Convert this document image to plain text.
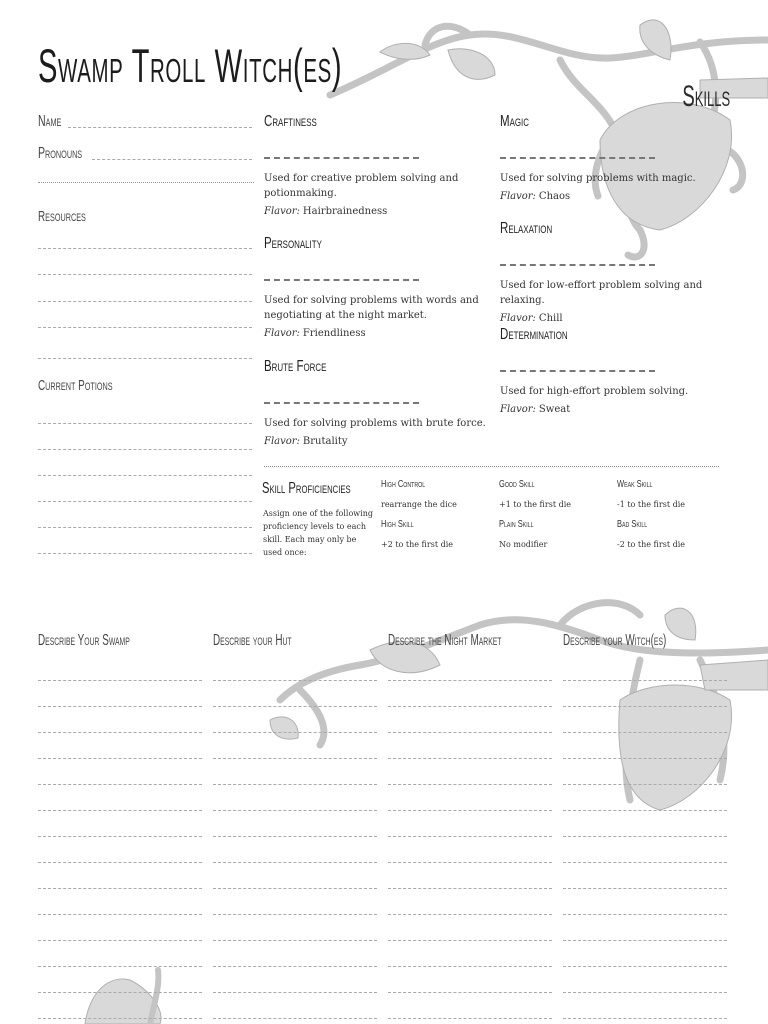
Swamp Troll Witch(es)
Skills
Name
Pronouns
Resources
Current Potions
Craftiness
Used for creative problem solving and potionmaking.
Flavor: Hairbrainedness
Personality
Used for solving problems with words and negotiating at the night market.
Flavor: Friendliness
Brute Force
Used for solving problems with brute force.
Flavor: Brutality
Magic
Used for solving problems with magic.
Flavor: Chaos
Relaxation
Used for low-effort problem solving and relaxing.
Flavor: Chill
Determination
Used for high-effort problem solving.
Flavor: Sweat
Skill Proficiencies
Assign one of the following proficiency levels to each skill. Each may only be used once:
High Control
rearrange the dice
High Skill
+2 to the first die
Good Skill
+1 to the first die
Plain Skill
No modifier
Weak Skill
-1 to the first die
Bad Skill
-2 to the first die
Describe Your Swamp	Describe your Hut	Describe the Night Market	Describe your Witch(es)
